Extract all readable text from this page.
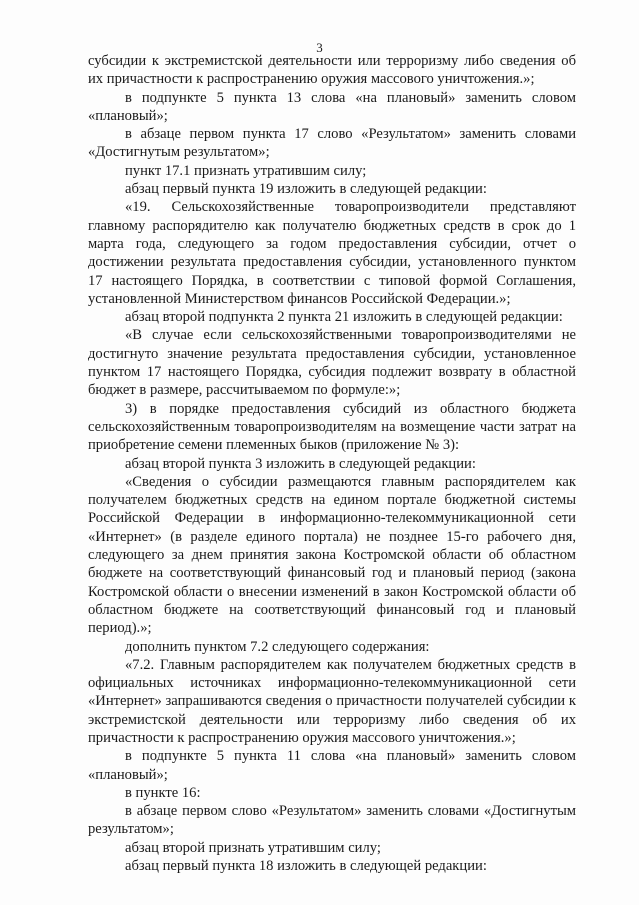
3

субсидии к экстремистской деятельности или терроризму либо сведения об их причастности к распространению оружия массового уничтожения.»;

в подпункте 5 пункта 13 слова «на плановый» заменить словом «плановый»;

в абзаце первом пункта 17 слово «Результатом» заменить словами «Достигнутым результатом»;

пункт 17.1 признать утратившим силу;

абзац первый пункта 19 изложить в следующей редакции:

«19. Сельскохозяйственные товаропроизводители представляют главному распорядителю как получателю бюджетных средств в срок до 1 марта года, следующего за годом предоставления субсидии, отчет о достижении результата предоставления субсидии, установленного пунктом 17 настоящего Порядка, в соответствии с типовой формой Соглашения, установленной Министерством финансов Российской Федерации.»;

абзац второй подпункта 2 пункта 21 изложить в следующей редакции:

«В случае если сельскохозяйственными товаропроизводителями не достигнуто значение результата предоставления субсидии, установленное пунктом 17 настоящего Порядка, субсидия подлежит возврату в областной бюджет в размере, рассчитываемом по формуле:»;

3) в порядке предоставления субсидий из областного бюджета сельскохозяйственным товаропроизводителям на возмещение части затрат на приобретение семени племенных быков (приложение № 3):

абзац второй пункта 3 изложить в следующей редакции:

«Сведения о субсидии размещаются главным распорядителем как получателем бюджетных средств на едином портале бюджетной системы Российской Федерации в информационно-телекоммуникационной сети «Интернет» (в разделе единого портала) не позднее 15-го рабочего дня, следующего за днем принятия закона Костромской области об областном бюджете на соответствующий финансовый год и плановый период (закона Костромской области о внесении изменений в закон Костромской области об областном бюджете на соответствующий финансовый год и плановый период).»;

дополнить пунктом 7.2 следующего содержания:

«7.2. Главным распорядителем как получателем бюджетных средств в официальных источниках информационно-телекоммуникационной сети «Интернет» запрашиваются сведения о причастности получателей субсидии к экстремистской деятельности или терроризму либо сведения об их причастности к распространению оружия массового уничтожения.»;

в подпункте 5 пункта 11 слова «на плановый» заменить словом «плановый»;

в пункте 16:

в абзаце первом слово «Результатом» заменить словами «Достигнутым результатом»;

абзац второй признать утратившим силу;

абзац первый пункта 18 изложить в следующей редакции:
